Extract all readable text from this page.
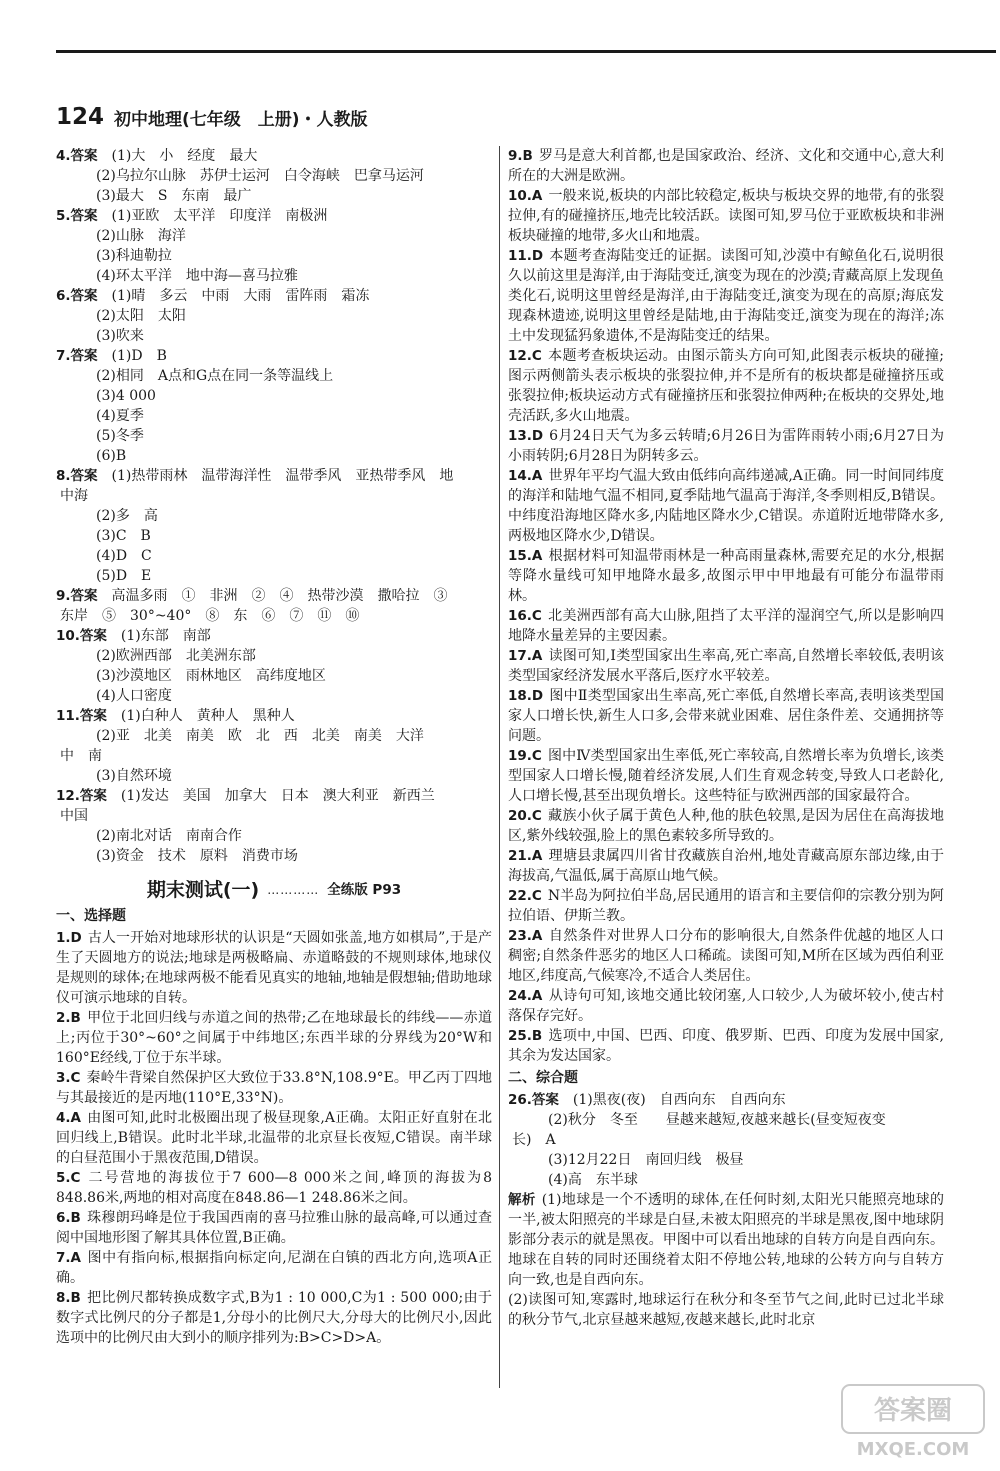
124 初中地理(七年级　上册)・人教版
4.答案　 (1)大　小　经度　最大
(2)乌拉尔山脉　苏伊士运河　白令海峡　巴拿马运河
(3)最大　S　东南　最广
5.答案　 (1)亚欧　太平洋　印度洋　南极洲
(2)山脉　海洋
(3)科迪勒拉
(4)环太平洋　地中海—喜马拉雅
6.答案　 (1)晴　多云　中雨　大雨　雷阵雨　霜冻
(2)太阳　太阳
(3)吹来
7.答案　 (1)D　B
(2)相同　A点和G点在同一条等温线上
(3)4 000
(4)夏季
(5)冬季
(6)B
8.答案　 (1)热带雨林　温带海洋性　温带季风　亚热带季风　地
中海
(2)多　高
(3)C　B
(4)D　C
(5)D　E
9.答案　 高温多雨　①　非洲　②　④　热带沙漠　撒哈拉　③
东岸　⑤　30°~40°　⑧　东　⑥　⑦　⑪　⑩
10.答案　 (1)东部　南部
(2)欧洲西部　北美洲东部
(3)沙漠地区　雨林地区　高纬度地区
(4)人口密度
11.答案　 (1)白种人　黄种人　黑种人
(2)亚　北美　南美　欧　北　西　北美　南美　大洋
中　南
(3)自然环境
12.答案　 (1)发达　美国　加拿大　日本　澳大利亚　新西兰
中国
(2)南北对话　南南合作
(3)资金　技术　原料　消费市场
期末测试(一) ………… 全练版 P93
一、选择题
1.D 古人一开始对地球形状的认识是“天圆如张盖,地方如棋局”,于是产生了天圆地方的说法;地球是两极略扁、赤道略鼓的不规则球体,地球仪是规则的球体;在地球两极不能看见真实的地轴,地轴是假想轴;借助地球仪可演示地球的自转。
2.B 甲位于北回归线与赤道之间的热带;乙在地球最长的纬线——赤道上;丙位于30°~60°之间属于中纬地区;东西半球的分界线为20°W和160°E经线,丁位于东半球。
3.C 秦岭牛背梁自然保护区大致位于33.8°N,108.9°E。甲乙丙丁四地与其最接近的是丙地(110°E,33°N)。
4.A 由图可知,此时北极圈出现了极昼现象,A正确。太阳正好直射在北回归线上,B错误。此时北半球,北温带的北京昼长夜短,C错误。南半球的白昼范围小于黑夜范围,D错误。
5.C 二号营地的海拔位于7 600—8 000米之间,峰顶的海拔为8 848.86米,两地的相对高度在848.86—1 248.86米之间。
6.B 珠穆朗玛峰是位于我国西南的喜马拉雅山脉的最高峰,可以通过查阅中国地形图了解其具体位置,B正确。
7.A 图中有指向标,根据指向标定向,尼湖在白镇的西北方向,选项A正确。
8.B 把比例尺都转换成数字式,B为1 : 10 000,C为1 : 500 000;由于数字式比例尺的分子都是1,分母小的比例尺大,分母大的比例尺小,因此选项中的比例尺由大到小的顺序排列为:B>C>D>A。
9.B 罗马是意大利首都,也是国家政治、经济、文化和交通中心,意大利所在的大洲是欧洲。
10.A 一般来说,板块的内部比较稳定,板块与板块交界的地带,有的张裂拉伸,有的碰撞挤压,地壳比较活跃。读图可知,罗马位于亚欧板块和非洲板块碰撞的地带,多火山和地震。
11.D 本题考查海陆变迁的证据。读图可知,沙漠中有鲸鱼化石,说明很久以前这里是海洋,由于海陆变迁,演变为现在的沙漠;青藏高原上发现鱼类化石,说明这里曾经是海洋,由于海陆变迁,演变为现在的高原;海底发现森林遗迹,说明这里曾经是陆地,由于海陆变迁,演变为现在的海洋;冻土中发现猛犸象遗体,不是海陆变迁的结果。
12.C 本题考查板块运动。由图示箭头方向可知,此图表示板块的碰撞;图示两侧箭头表示板块的张裂拉伸,并不是所有的板块都是碰撞挤压或张裂拉伸;板块运动方式有碰撞挤压和张裂拉伸两种;在板块的交界处,地壳活跃,多火山地震。
13.D 6月24日天气为多云转晴;6月26日为雷阵雨转小雨;6月27日为小雨转阴;6月28日为阴转多云。
14.A 世界年平均气温大致由低纬向高纬递减,A正确。同一时间同纬度的海洋和陆地气温不相同,夏季陆地气温高于海洋,冬季则相反,B错误。中纬度沿海地区降水多,内陆地区降水少,C错误。赤道附近地带降水多,两极地区降水少,D错误。
15.A 根据材料可知温带雨林是一种高雨量森林,需要充足的水分,根据等降水量线可知甲地降水最多,故图示甲中甲地最有可能分布温带雨林。
16.C 北美洲西部有高大山脉,阻挡了太平洋的湿润空气,所以是影响四地降水量差异的主要因素。
17.A 读图可知,Ⅰ类型国家出生率高,死亡率高,自然增长率较低,表明该类型国家经济发展水平落后,医疗水平较差。
18.D 图中Ⅱ类型国家出生率高,死亡率低,自然增长率高,表明该类型国家人口增长快,新生人口多,会带来就业困难、居住条件差、交通拥挤等问题。
19.C 图中Ⅳ类型国家出生率低,死亡率较高,自然增长率为负增长,该类型国家人口增长慢,随着经济发展,人们生育观念转变,导致人口老龄化,人口增长慢,甚至出现负增长。这些特征与欧洲西部的国家最符合。
20.C 藏族小伙子属于黄色人种,他的肤色较黑,是因为居住在高海拔地区,紫外线较强,脸上的黑色素较多所导致的。
21.A 理塘县隶属四川省甘孜藏族自治州,地处青藏高原东部边缘,由于海拔高,气温低,属于高原山地气候。
22.C N半岛为阿拉伯半岛,居民通用的语言和主要信仰的宗教分别为阿拉伯语、伊斯兰教。
23.A 自然条件对世界人口分布的影响很大,自然条件优越的地区人口稠密;自然条件恶劣的地区人口稀疏。读图可知,M所在区域为西伯利亚地区,纬度高,气候寒冷,不适合人类居住。
24.A 从诗句可知,该地交通比较闭塞,人口较少,人为破坏较小,使古村落保存完好。
25.B 选项中,中国、巴西、印度、俄罗斯、巴西、印度为发展中国家,其余为发达国家。
二、综合题
26.答案　 (1)黑夜(夜)　自西向东　自西向东
(2)秋分　冬至　　昼越来越短,夜越来越长(昼变短夜变
长)　A
(3)12月22日　南回归线　极昼
(4)高　东半球
解析 (1)地球是一个不透明的球体,在任何时刻,太阳光只能照亮地球的一半,被太阳照亮的半球是白昼,未被太阳照亮的半球是黑夜,图中地球阴影部分表示的就是黑夜。甲图中可以看出地球的自转方向是自西向东。地球在自转的同时还围绕着太阳不停地公转,地球的公转方向与自转方向一致,也是自西向东。
(2)读图可知,寒露时,地球运行在秋分和冬至节气之间,此时已过北半球的秋分节气,北京昼越来越短,夜越来越长,此时北京
答案圈
MXQE.COM
